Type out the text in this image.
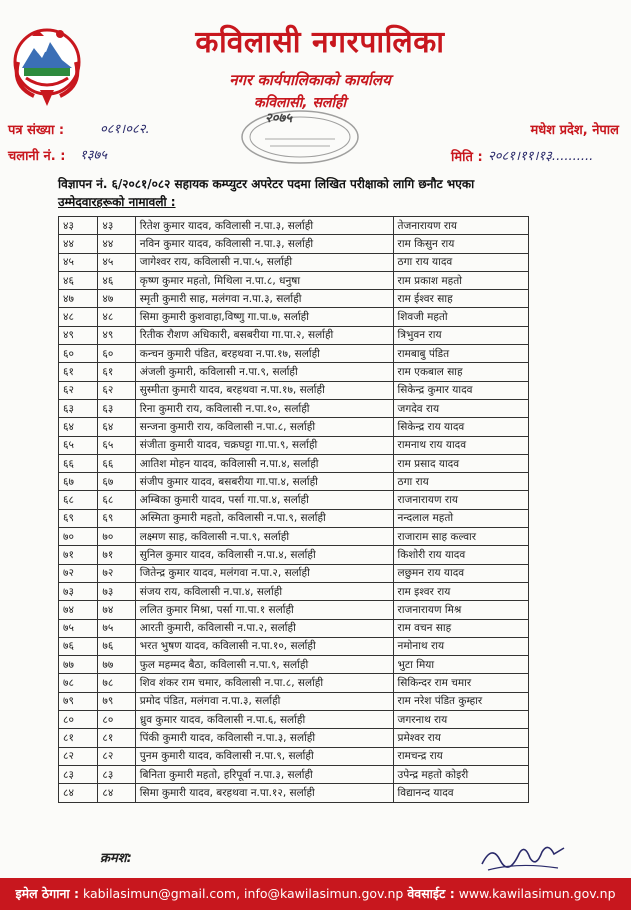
कविलासी नगरपालिका
नगर कार्यपालिकाको कार्यालय
कविलासी, सर्लाही
२०७५
पत्र संख्या :	०८१।०८२.
चलानी नं. : १३७५
मधेश प्रदेश, नेपाल
मिति : २०८१।११।१३..........
विज्ञापन नं. ६/२०८१/०८२ सहायक कम्प्युटर अपरेटर पदमा लिखित परीक्षाको लागि छनौट भएका
उम्मेदवारहरूको नामावली :
४३	४३	रितेश कुमार यादव, कविलासी न.पा.३, सर्लाही	तेजनारायण राय
४४	४४	नविन कुमार यादव, कविलासी न.पा.३, सर्लाही	राम किसुन राय
४५	४५	जागेश्वर राय, कविलासी न.पा.५, सर्लाही	ठगा राय यादव
४६	४६	कृष्ण कुमार महतो, मिथिला न.पा.८, धनुषा	राम प्रकाश महतो
४७	४७	स्मृती कुमारी साह, मलंगवा न.पा.३, सर्लाही	राम ईश्वर साह
४८	४८	सिमा कुमारी कुशवाहा,विष्णु गा.पा.७, सर्लाही	शिवजी महतो
४९	४९	रितीक रौशण अधिकारी, बसबरीया गा.पा.२, सर्लाही	त्रिभुवन राय
६०	६०	कन्चन कुमारी पंडित, बरहथवा न.पा.१७, सर्लाही	रामबाबु पंडित
६१	६१	अंजली कुमारी, कविलासी न.पा.९, सर्लाही	राम एकबाल साह
६२	६२	सुस्मीता कुमारी यादव, बरहथवा न.पा.१७, सर्लाही	सिकेन्द्र कुमार यादव
६३	६३	रिना कुमारी राय, कविलासी न.पा.१०, सर्लाही	जगदेव राय
६४	६४	सन्जना कुमारी राय, कविलासी न.पा.८, सर्लाही	सिकेन्द्र राय यादव
६५	६५	संजीता कुमारी यादव, चक्रघट्टा गा.पा.९, सर्लाही	रामनाथ राय यादव
६६	६६	आतिश मोहन यादव, कविलासी न.पा.४, सर्लाही	राम प्रसाद यादव
६७	६७	संजीप कुमार यादव, बसबरीया गा.पा.४, सर्लाही	ठगा राय
६८	६८	अम्बिका कुमारी यादव, पर्सा गा.पा.४, सर्लाही	राजनारायण राय
६९	६९	अस्मिता कुमारी महतो, कविलासी न.पा.९, सर्लाही	नन्दलाल महतो
७०	७०	लक्ष्मण साह, कविलासी न.पा.९, सर्लाही	राजाराम साह कल्वार
७१	७१	सुनिल कुमार यादव, कविलासी न.पा.४, सर्लाही	किशोरी राय यादव
७२	७२	जितेन्द्र कुमार यादव, मलंगवा न.पा.२, सर्लाही	लछुमन राय यादव
७३	७३	संजय राय, कविलासी न.पा.४, सर्लाही	राम इश्वर राय
७४	७४	ललित कुमार मिश्रा, पर्सा गा.पा.१ सर्लाही	राजनारायण मिश्र
७५	७५	आरती कुमारी, कविलासी न.पा.२, सर्लाही	राम वचन साह
७६	७६	भरत भुषण यादव, कविलासी न.पा.१०, सर्लाही	नमोनाथ राय
७७	७७	फुल महम्मद बैठा, कविलासी न.पा.९, सर्लाही	भुटा मिया
७८	७८	शिव शंकर राम चमार, कविलासी न.पा.८, सर्लाही	सिकिन्दर राम चमार
७९	७९	प्रमोद पंडित, मलंगवा न.पा.३, सर्लाही	राम नरेश पंडित कुम्हार
८०	८०	ध्रुव कुमार यादव, कविलासी न.पा.६, सर्लाही	जगरनाथ राय
८१	८१	पिंकी कुमारी यादव, कविलासी न.पा.३, सर्लाही	प्रमेश्वर राय
८२	८२	पुनम कुमारी यादव, कविलासी न.पा.९, सर्लाही	रामचन्द्र राय
८३	८३	बिनिता कुमारी महतो, हरिपूर्वा न.पा.३, सर्लाही	उपेन्द्र महतो कोइरी
८४	८४	सिमा कुमारी यादव, बरहथवा न.पा.१२, सर्लाही	विद्यानन्द यादव
क्रमश:
इमेल ठेगाना : kabilasimun@gmail.com, info@kawilasimun.gov.np वेवसाईट : www.kawilasimun.gov.np
